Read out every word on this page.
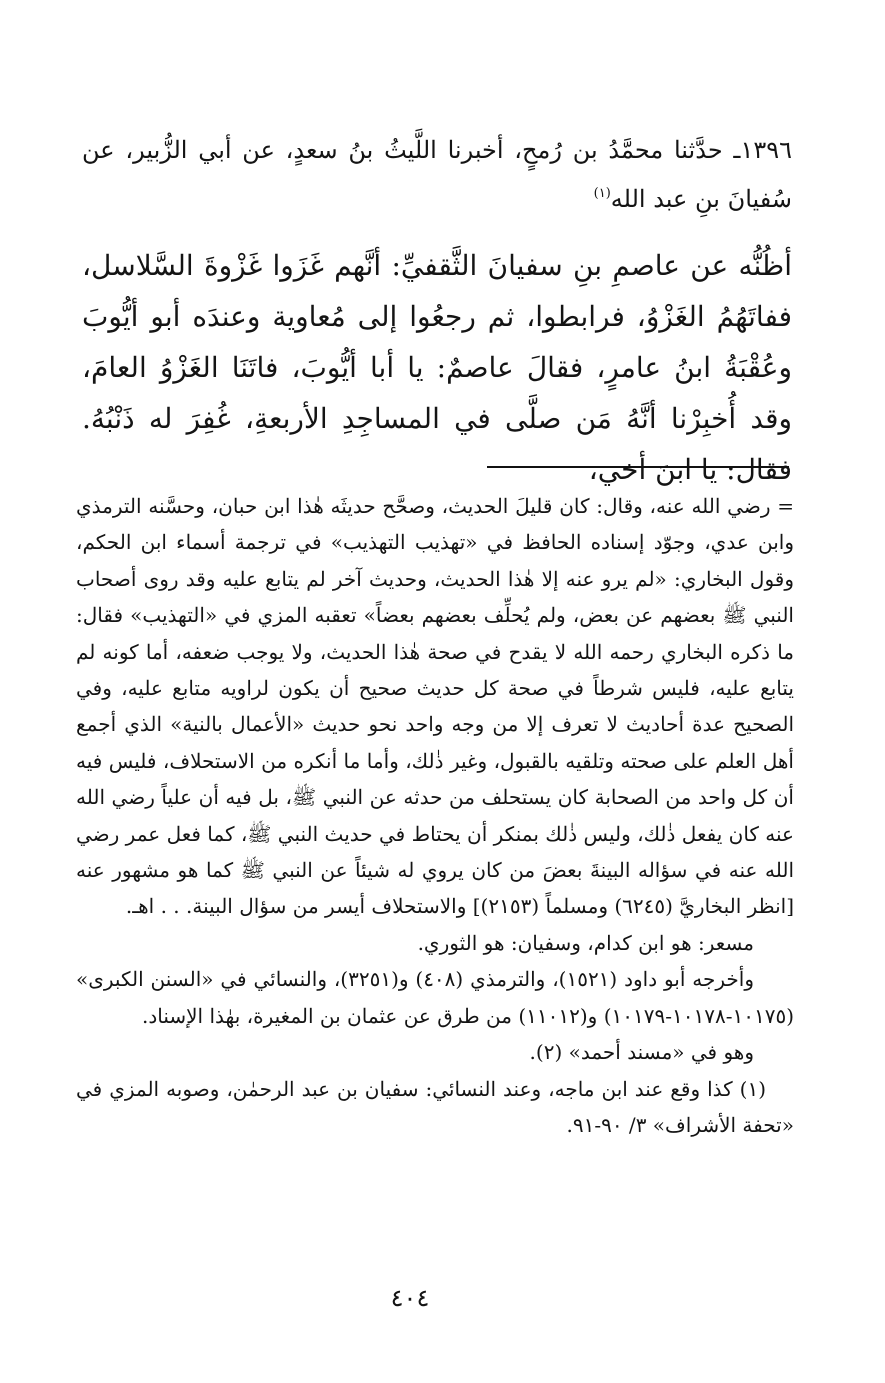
١٣٩٦ـ حدَّثنا محمَّدُ بن رُمحٍ، أخبرنا اللَّيثُ بنُ سعدٍ، عن أبي الزُّبير، عن سُفيانَ بنِ عبد الله$^{(١)}$
أظُنُّه عن عاصمِ بنِ سفيانَ الثَّقفيِّ: أنَّهم غَزَوا غَزْوةَ السَّلاسل، ففاتَهُمُ الغَزْوُ، فرابطوا، ثم رجعُوا إلى مُعاوية وعندَه أبو أيُّوبَ وعُقْبَةُ ابنُ عامرٍ، فقالَ عاصمٌ: يا أبا أيُّوبَ، فاتَنَا الغَزْوُ العامَ، وقد أُخبِرْنا أنَّهُ مَن صلَّى في المساجِدِ الأربعةِ، غُفِرَ له ذَنْبُهُ. فقال: يا ابنَ أخي،

= رضي الله عنه، وقال: كان قليلَ الحديث، وصحَّح حديثَه هٰذا ابن حبان، وحسَّنه الترمذي وابن عدي، وجوّد إسناده الحافظ في «تهذيب التهذيب» في ترجمة أسماء ابن الحكم، وقول البخاري: «لم يرو عنه إلا هٰذا الحديث، وحديث آخر لم يتابع عليه وقد روى أصحاب النبي ﷺ بعضهم عن بعض، ولم يُحلِّف بعضهم بعضاً» تعقبه المزي في «التهذيب» فقال: ما ذكره البخاري رحمه الله لا يقدح في صحة هٰذا الحديث، ولا يوجب ضعفه، أما كونه لم يتابع عليه، فليس شرطاً في صحة كل حديث صحيح أن يكون لراويه متابع عليه، وفي الصحيح عدة أحاديث لا تعرف إلا من وجه واحد نحو حديث «الأعمال بالنية» الذي أجمع أهل العلم على صحته وتلقيه بالقبول، وغير ذٰلك، وأما ما أنكره من الاستحلاف، فليس فيه أن كل واحد من الصحابة كان يستحلف من حدثه عن النبي ﷺ، بل فيه أن علياً رضي الله عنه كان يفعل ذٰلك، وليس ذٰلك بمنكر أن يحتاط في حديث النبي ﷺ، كما فعل عمر رضي الله عنه في سؤاله البينةَ بعضَ من كان يروي له شيئاً عن النبي ﷺ كما هو مشهور عنه [انظر البخاريَّ (٦٢٤٥) ومسلماً (٢١٥٣)] والاستحلاف أيسر من سؤال البينة. . . اهـ.

مسعر: هو ابن كدام، وسفيان: هو الثوري.

وأخرجه أبو داود (١٥٢١)، والترمذي (٤٠٨) و(٣٢٥١)، والنسائي في «السنن الكبرى» (١٠١٧٥-١٠١٧٨-١٠١٧٩) و(١١٠١٢) من طرق عن عثمان بن المغيرة، بهٰذا الإسناد.

وهو في «مسند أحمد» (٢).

(١) كذا وقع عند ابن ماجه، وعند النسائي: سفيان بن عبد الرحمٰن، وصوبه المزي في «تحفة الأشراف» ٣/ ٩٠-٩١.

٤٠٤
